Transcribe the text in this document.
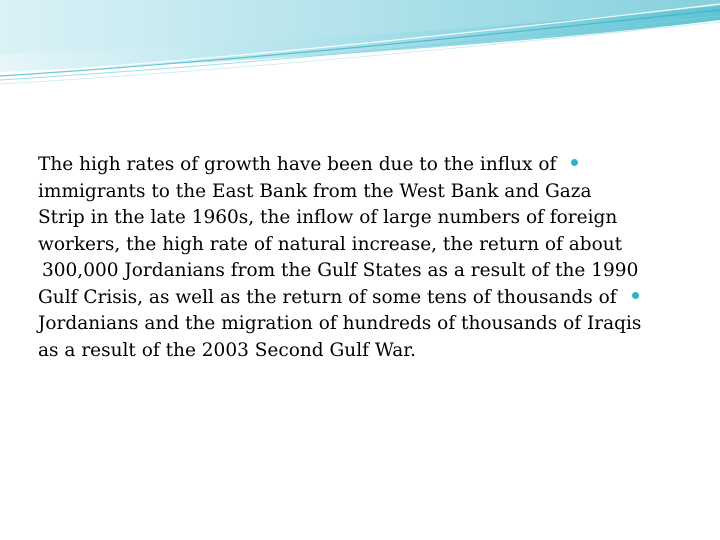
The high rates of growth have been due to the influx of
immigrants to the East Bank from the West Bank and Gaza
Strip in the late 1960s, the inflow of large numbers of foreign
workers, the high rate of natural increase, the return of about
300,000 Jordanians from the Gulf States as a result of the 1990
Gulf Crisis, as well as the return of some tens of thousands of
Jordanians and the migration of hundreds of thousands of Iraqis
as a result of the 2003 Second Gulf War.
